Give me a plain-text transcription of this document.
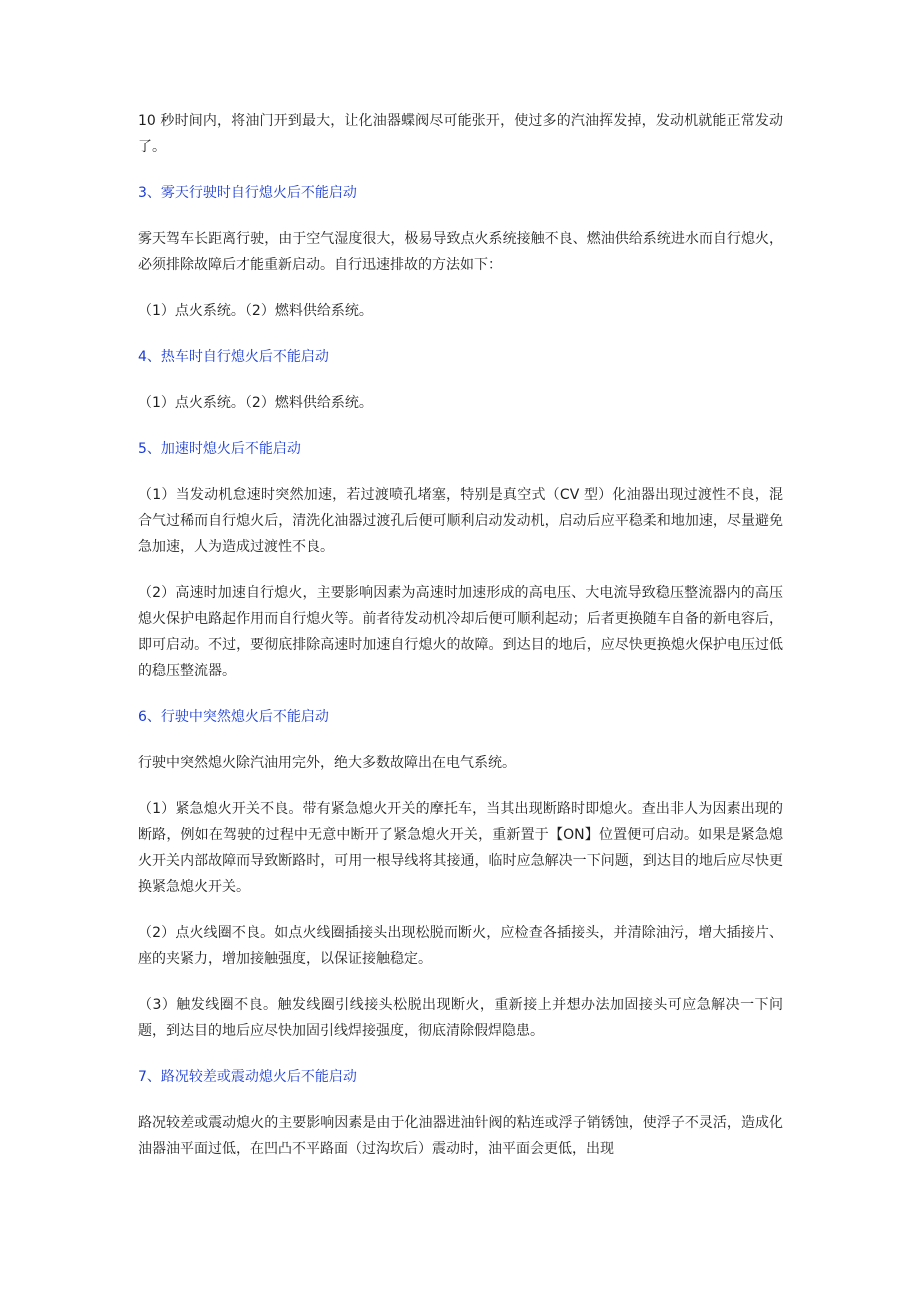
10 秒时间内，将油门开到最大，让化油器蝶阀尽可能张开，使过多的汽油挥发掉，发动机就能正常发动了。

3、雾天行驶时自行熄火后不能启动

雾天驾车长距离行驶，由于空气湿度很大，极易导致点火系统接触不良、燃油供给系统进水而自行熄火，必须排除故障后才能重新启动。自行迅速排故的方法如下：

（1）点火系统。（2）燃料供给系统。

4、热车时自行熄火后不能启动

（1）点火系统。（2）燃料供给系统。

5、加速时熄火后不能启动

（1）当发动机怠速时突然加速，若过渡喷孔堵塞，特别是真空式（CV 型）化油器出现过渡性不良，混合气过稀而自行熄火后，清洗化油器过渡孔后便可顺利启动发动机，启动后应平稳柔和地加速，尽量避免急加速，人为造成过渡性不良。

（2）高速时加速自行熄火，主要影响因素为高速时加速形成的高电压、大电流导致稳压整流器内的高压熄火保护电路起作用而自行熄火等。前者待发动机冷却后便可顺利起动；后者更换随车自备的新电容后，即可启动。不过，要彻底排除高速时加速自行熄火的故障。到达目的地后，应尽快更换熄火保护电压过低的稳压整流器。

6、行驶中突然熄火后不能启动

行驶中突然熄火除汽油用完外，绝大多数故障出在电气系统。

（1）紧急熄火开关不良。带有紧急熄火开关的摩托车，当其出现断路时即熄火。查出非人为因素出现的断路，例如在驾驶的过程中无意中断开了紧急熄火开关，重新置于【ON】位置便可启动。如果是紧急熄火开关内部故障而导致断路时，可用一根导线将其接通，临时应急解决一下问题，到达目的地后应尽快更换紧急熄火开关。

（2）点火线圈不良。如点火线圈插接头出现松脱而断火，应检查各插接头，并清除油污，增大插接片、座的夹紧力，增加接触强度，以保证接触稳定。

（3）触发线圈不良。触发线圈引线接头松脱出现断火，重新接上并想办法加固接头可应急解决一下问题，到达目的地后应尽快加固引线焊接强度，彻底清除假焊隐患。

7、路况较差或震动熄火后不能启动

路况较差或震动熄火的主要影响因素是由于化油器进油针阀的粘连或浮子销锈蚀，使浮子不灵活，造成化油器油平面过低，在凹凸不平路面（过沟坎后）震动时，油平面会更低，出现
